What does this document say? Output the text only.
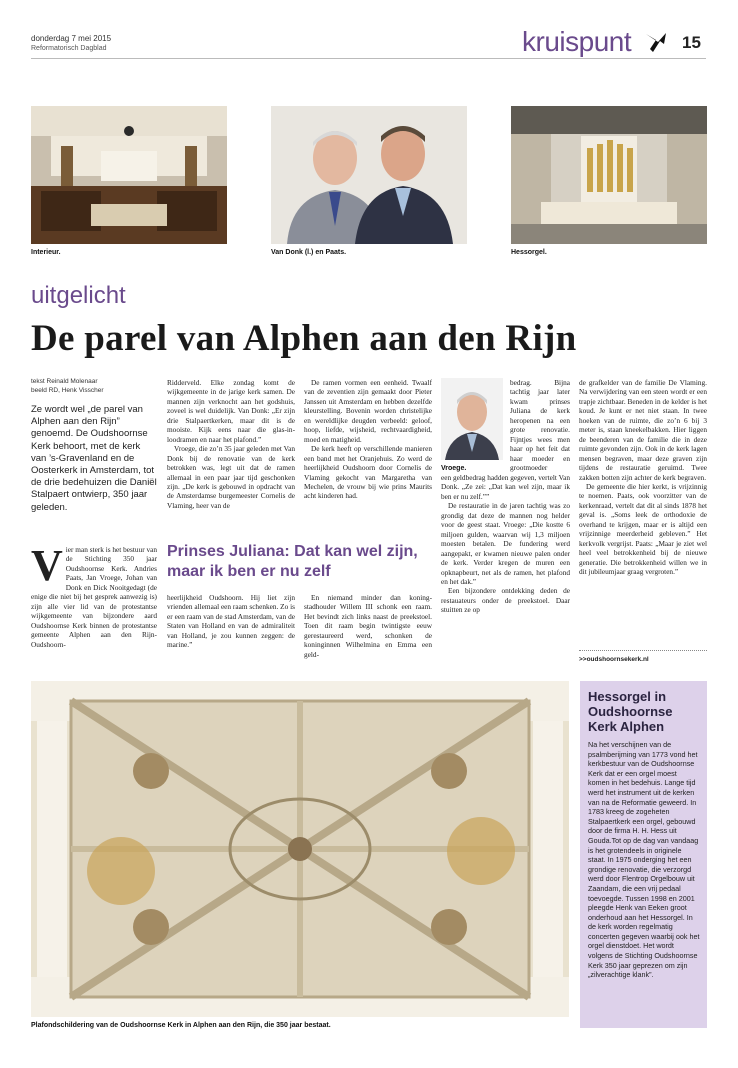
donderdag 7 mei 2015
Reformatorisch Dagblad	kruispunt	15
Interieur.	Van Donk (l.) en Paats.	Hessorgel.
uitgelicht
De parel van Alphen aan den Rijn
tekst Reinald Molenaar
beeld RD, Henk Visscher
Ze wordt wel „de parel van Alphen aan den Rijn” genoemd. De Oudshoornse Kerk behoort, met de kerk van ’s-Gravenland en de Oosterkerk in Amsterdam, tot de drie bedehuizen die Daniël Stalpaert ontwierp, 350 jaar geleden.
Vier man sterk is het bestuur van de Stichting 350 jaar Oudshoornse Kerk. Andries Paats, Jan Vroege, Johan van Donk en Dick Nooitgedagt (de enige die niet bij het gesprek aanwezig is) zijn alle vier lid van de protestantse wijkgemeente van bijzondere aard Oudshoornse Kerk binnen de protestantse gemeente Alphen aan den Rijn-Oudshoorn-

Ridderveld. Elke zondag komt de wijkgemeente in de jarige kerk samen. De mannen zijn verknocht aan het godshuis, zoveel is wel duidelijk. Van Donk: „Er zijn drie Stalpaertkerken, maar dit is de mooiste. Kijk eens naar die glas-in-loodramen en naar het plafond.”

Vroege, die zo’n 35 jaar geleden met Van Donk bij de renovatie van de kerk betrokken was, legt uit dat de ramen allemaal in een paar jaar tijd geschonken zijn. „De kerk is gebouwd in opdracht van de Amsterdamse burgemeester Cornelis de Vlaming, heer van de

Prinses Juliana: Dat kan wel zijn, maar ik ben er nu zelf

heerlijkheid Oudshoorn. Hij liet zijn vrienden allemaal een raam schenken. Zo is er een raam van de stad Amsterdam, van de Staten van Holland en van de admiraliteit van Holland, je zou kunnen zeggen: de marine.”

De ramen vormen een eenheid. Twaalf van de zeventien zijn gemaakt door Pieter Janssen uit Amsterdam en hebben dezelfde kleurstelling. Bovenin worden christelijke en wereldlijke deugden verbeeld: geloof, hoop, liefde, wijsheid, rechtvaardigheid, moed en matigheid.

De kerk heeft op verschillende manieren een band met het Oranjehuis. Zo werd de heerlijkheid Oudshoorn door Cornelis de Vlaming gekocht van Margaretha van Mechelen, de vrouw bij wie prins Maurits acht kinderen had.

En niemand minder dan koning-stadhouder Willem III schonk een raam. Het bevindt zich links naast de preekstoel. Toen dit raam begin twintigste eeuw gerestaureerd werd, schonken de koninginnen Wilhelmina en Emma een geld-

Vroege.

bedrag. Bijna tachtig jaar later kwam prinses Juliana de kerk heropenen na een grote renovatie. Fijntjes wees men haar op het feit dat haar moeder en grootmoeder

een geldbedrag hadden gegeven, vertelt Van Donk. „Ze zei: „Dat kan wel zijn, maar ik ben er nu zelf.””

De restauratie in de jaren tachtig was zo grondig dat deze de mannen nog helder voor de geest staat. Vroege: „Die kostte 6 miljoen gulden, waarvan wij 1,3 miljoen moesten betalen. De fundering werd aangepakt, er kwamen nieuwe palen onder de kerk. Verder kregen de muren een opknapbeurt, net als de ramen, het plafond en het dak.”

Een bijzondere ontdekking deden de restauateurs onder de preekstoel. Daar stuitten ze op

de grafkelder van de familie De Vlaming. Na verwijdering van een steen wordt er een trapje zichtbaar. Beneden in de kelder is het koud. Je kunt er net niet staan. In twee hoeken van de ruimte, die zo’n 6 bij 3 meter is, staan kneekelbakken. Hier liggen de beenderen van de familie die in deze ruimte gevonden zijn. Ook in de kerk lagen mensen begraven, maar deze graven zijn tijdens de restauratie geruimd. Twee zakken botten zijn achter de kerk begraven.

De gemeente die hier kerkt, is vrijzinnig te noemen. Paats, ook voorzitter van de kerkenraad, vertelt dat dit al sinds 1878 het geval is. „Soms leek de orthodoxie de overhand te krijgen, maar er is altijd een vrijzinnige meerderheid gebleven.” Het kerkvolk vergrijst. Paats: „Maar je ziet wel heel veel betrokkenheid bij de nieuwe generatie. Die betrokkenheid willen we in dit jubileumjaar graag vergroten.”

>>oudshoornsekerk.nl
Plafondschildering van de Oudshoornse Kerk in Alphen aan den Rijn, die 350 jaar bestaat.
Hessorgel in Oudshoornse Kerk Alphen
Na het verschijnen van de psalmberijming van 1773 vond het kerkbestuur van de Oudshoornse Kerk dat er een orgel moest komen in het bedehuis. Lange tijd werd het instrument uit de kerken van na de Reformatie geweerd. In 1783 kreeg de zogeheten Stalpaertkerk een orgel, gebouwd door de firma H. H. Hess uit Gouda.Tot op de dag van vandaag is het grotendeels in originele staat. In 1975 onderging het een grondige renovatie, die verzorgd werd door Flentrop Orgelbouw uit Zaandam, die een vrij pedaal toevoegde. Tussen 1998 en 2001 pleegde Henk van Eeken groot onderhoud aan het Hessorgel. In de kerk worden regelmatig concerten gegeven waarbij ook het orgel dienstdoet. Het wordt volgens de Stichting Oudshoornse Kerk 350 jaar geprezen om zijn „zilverachtige klank”.
